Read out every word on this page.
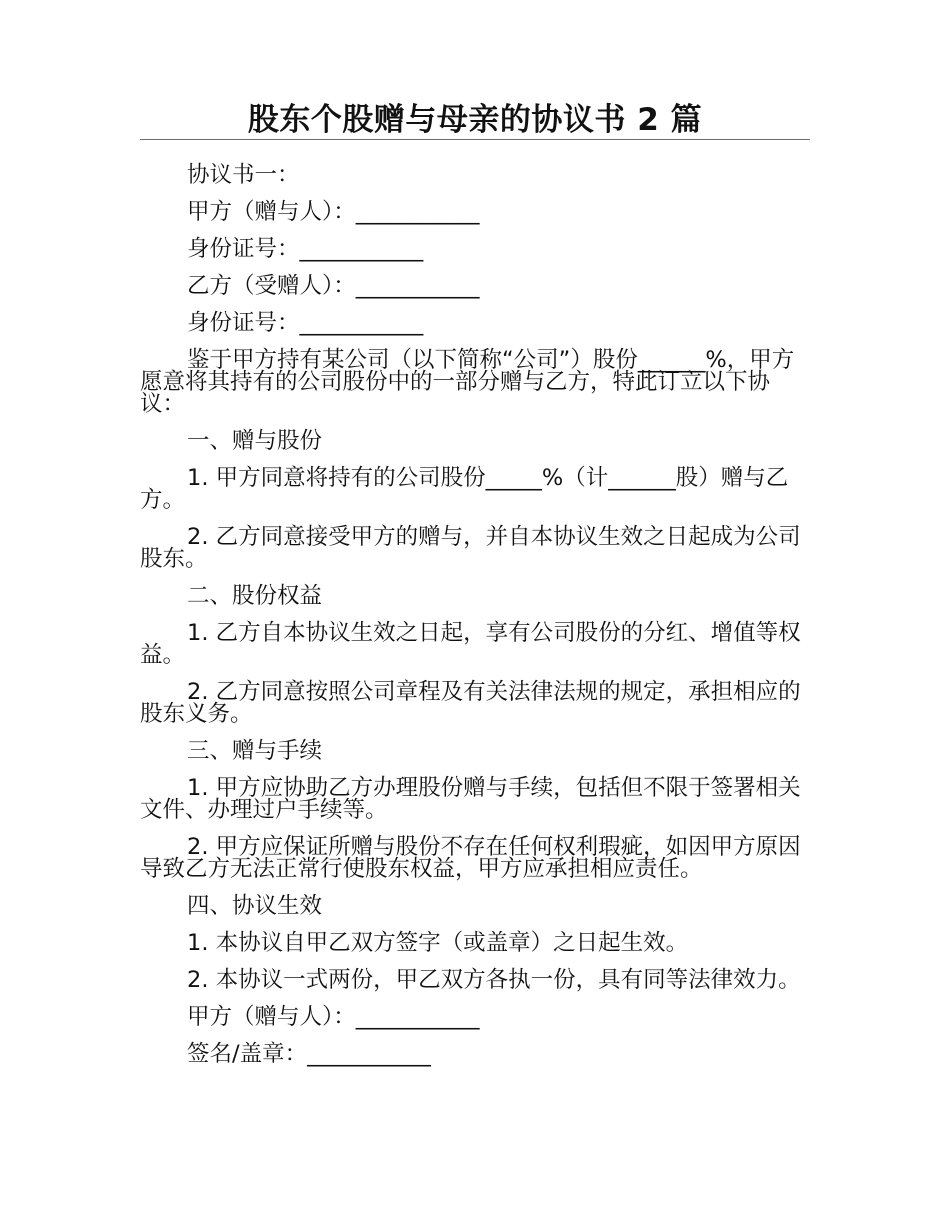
股东个股赠与母亲的协议书 2 篇

协议书一：

甲方（赠与人）：___________

身份证号：___________

乙方（受赠人）：___________

身份证号：___________

鉴于甲方持有某公司（以下简称“公司”）股份______%，甲方愿意将其持有的公司股份中的一部分赠与乙方，特此订立以下协议：

一、赠与股份

1. 甲方同意将持有的公司股份_____%（计______股）赠与乙方。

2. 乙方同意接受甲方的赠与，并自本协议生效之日起成为公司股东。

二、股份权益

1. 乙方自本协议生效之日起，享有公司股份的分红、增值等权益。

2. 乙方同意按照公司章程及有关法律法规的规定，承担相应的股东义务。

三、赠与手续

1. 甲方应协助乙方办理股份赠与手续，包括但不限于签署相关文件、办理过户手续等。

2. 甲方应保证所赠与股份不存在任何权利瑕疵，如因甲方原因导致乙方无法正常行使股东权益，甲方应承担相应责任。

四、协议生效

1. 本协议自甲乙双方签字（或盖章）之日起生效。

2. 本协议一式两份，甲乙双方各执一份，具有同等法律效力。

甲方（赠与人）：___________

签名/盖章：___________
